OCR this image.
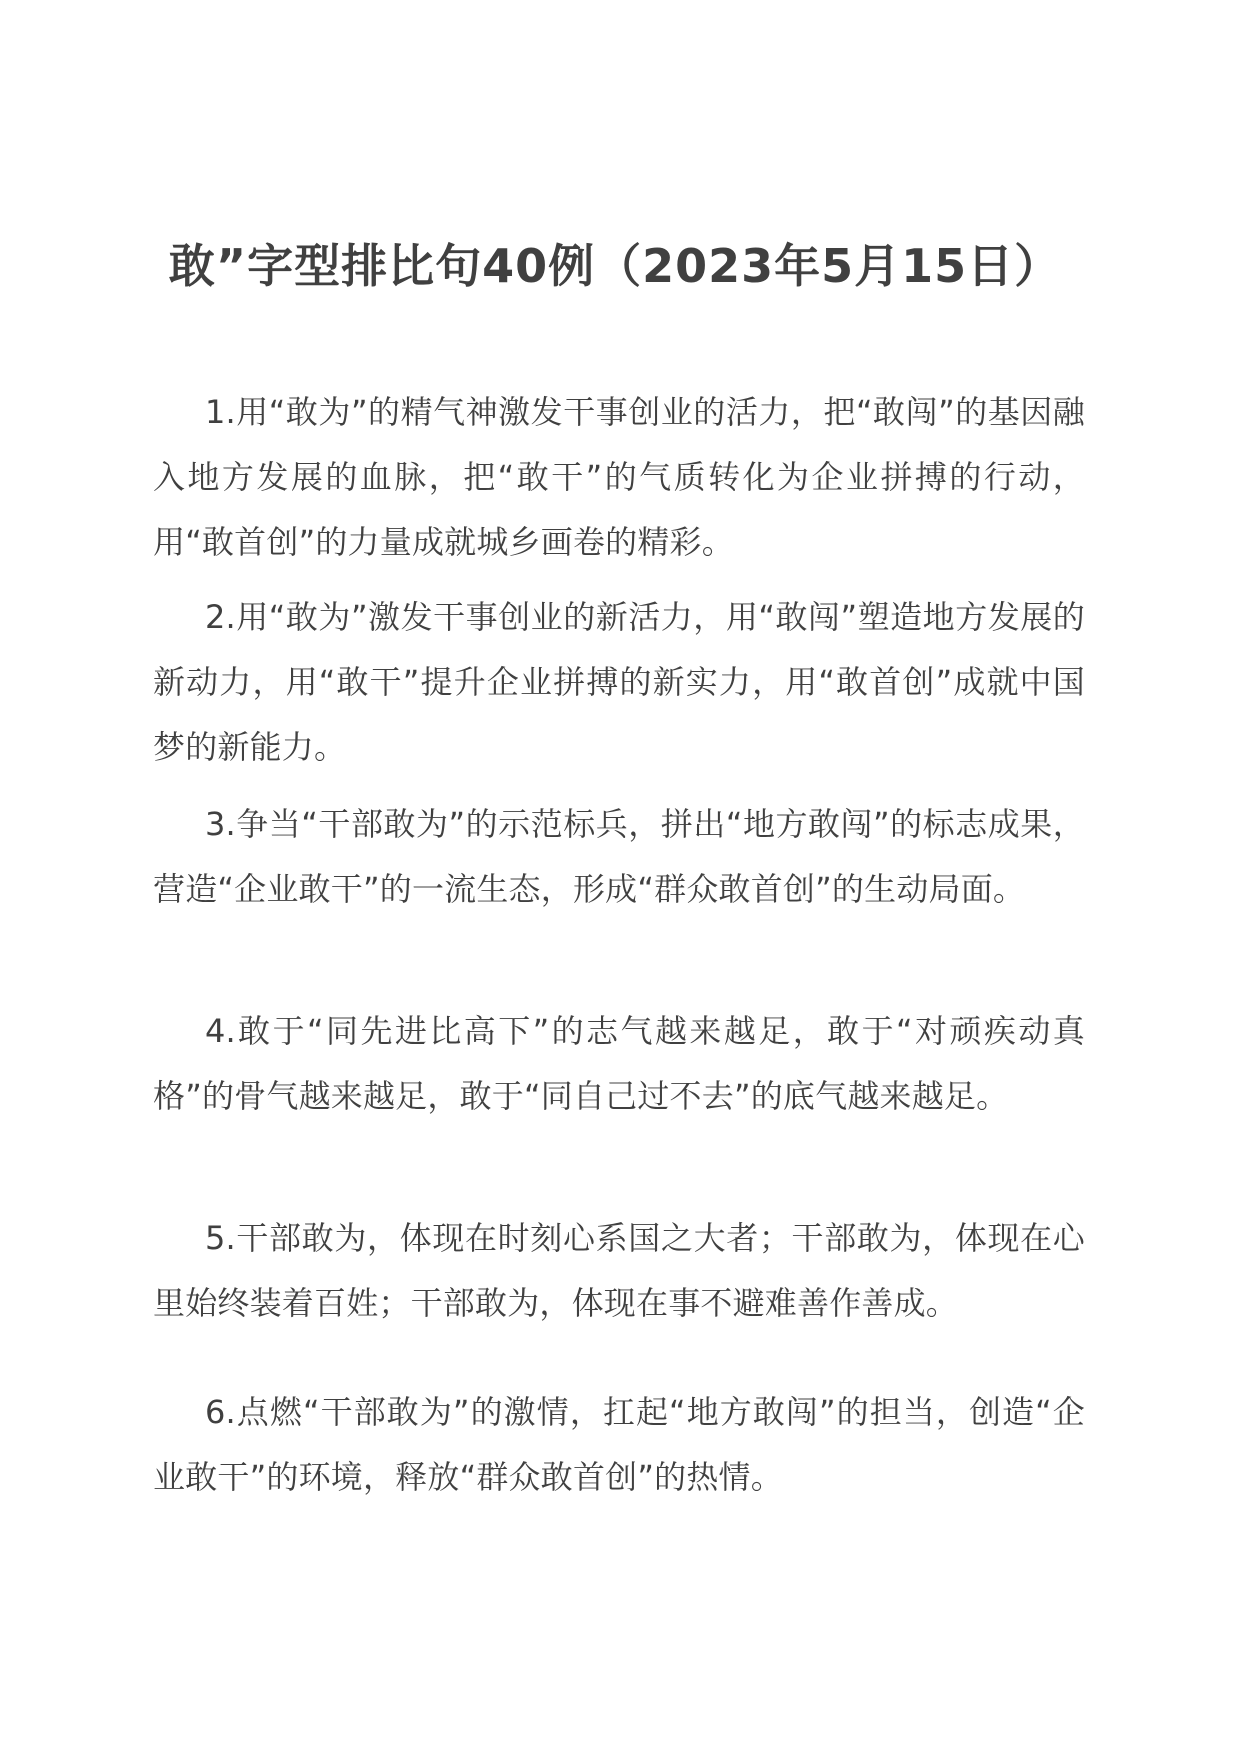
敢”字型排比句40例（2023年5月15日）

1.用“敢为”的精气神激发干事创业的活力，把“敢闯”的基因融入地方发展的血脉，把“敢干”的气质转化为企业拼搏的行动，用“敢首创”的力量成就城乡画卷的精彩。

2.用“敢为”激发干事创业的新活力，用“敢闯”塑造地方发展的新动力，用“敢干”提升企业拼搏的新实力，用“敢首创”成就中国梦的新能力。

3.争当“干部敢为”的示范标兵，拼出“地方敢闯”的标志成果，营造“企业敢干”的一流生态，形成“群众敢首创”的生动局面。

4.敢于“同先进比高下”的志气越来越足，敢于“对顽疾动真格”的骨气越来越足，敢于“同自己过不去”的底气越来越足。

5.干部敢为，体现在时刻心系国之大者；干部敢为，体现在心里始终装着百姓；干部敢为，体现在事不避难善作善成。

6.点燃“干部敢为”的激情，扛起“地方敢闯”的担当，创造“企业敢干”的环境，释放“群众敢首创”的热情。
